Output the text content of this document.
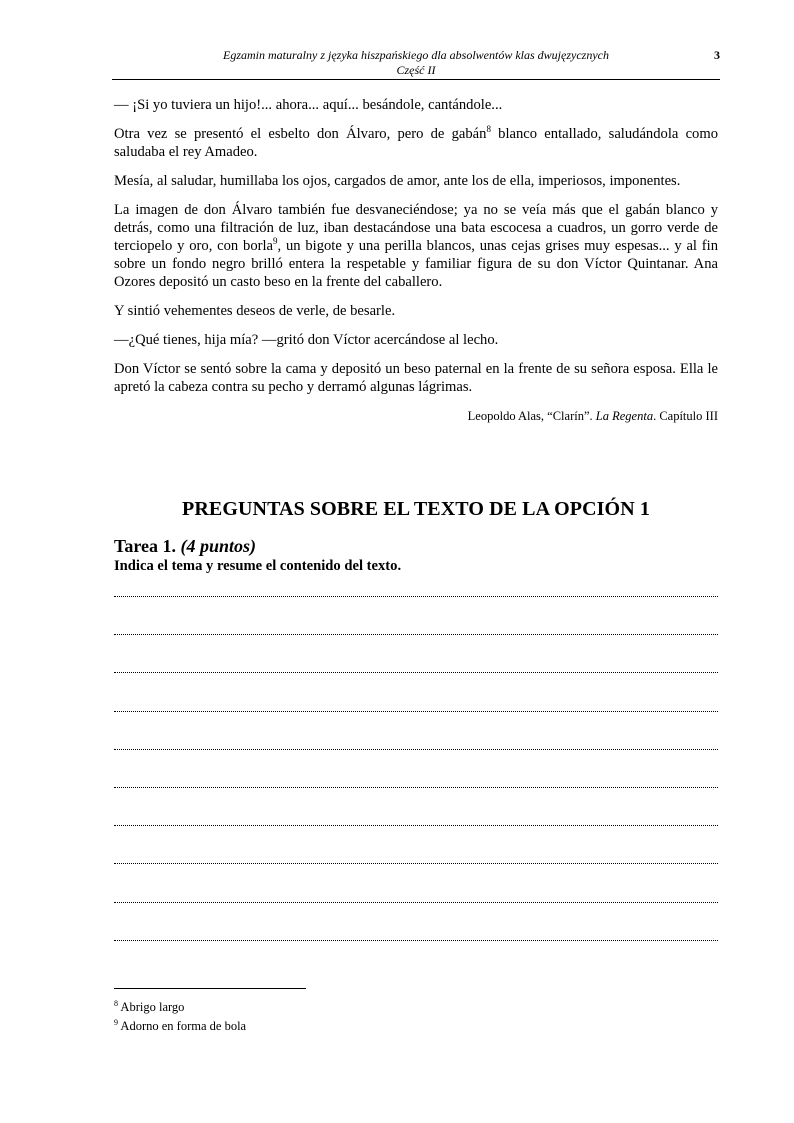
Egzamin maturalny z języka hiszpańskiego dla absolwentów klas dwujęzycznych
Część II
3

— ¡Si yo tuviera un hijo!... ahora... aquí... besándole, cantándole...

Otra vez se presentó el esbelto don Álvaro, pero de gabán$^8$ blanco entallado, saludándola como saludaba el rey Amadeo.

Mesía, al saludar, humillaba los ojos, cargados de amor, ante los de ella, imperiosos, imponentes.

La imagen de don Álvaro también fue desvaneciéndose; ya no se veía más que el gabán blanco y detrás, como una filtración de luz, iban destacándose una bata escocesa a cuadros, un gorro verde de terciopelo y oro, con borla$^9$, un bigote y una perilla blancos, unas cejas grises muy espesas... y al fin sobre un fondo negro brilló entera la respetable y familiar figura de su don Víctor Quintanar. Ana Ozores depositó un casto beso en la frente del caballero.

Y sintió vehementes deseos de verle, de besarle.

—¿Qué tienes, hija mía? —gritó don Víctor acercándose al lecho.

Don Víctor se sentó sobre la cama y depositó un beso paternal en la frente de su señora esposa. Ella le apretó la cabeza contra su pecho y derramó algunas lágrimas.

Leopoldo Alas, “Clarín”. La Regenta. Capítulo III
PREGUNTAS SOBRE EL TEXTO DE LA OPCIÓN 1
Tarea 1. (4 puntos)
Indica el tema y resume el contenido del texto.
$^8$ Abrigo largo
$^9$ Adorno en forma de bola
